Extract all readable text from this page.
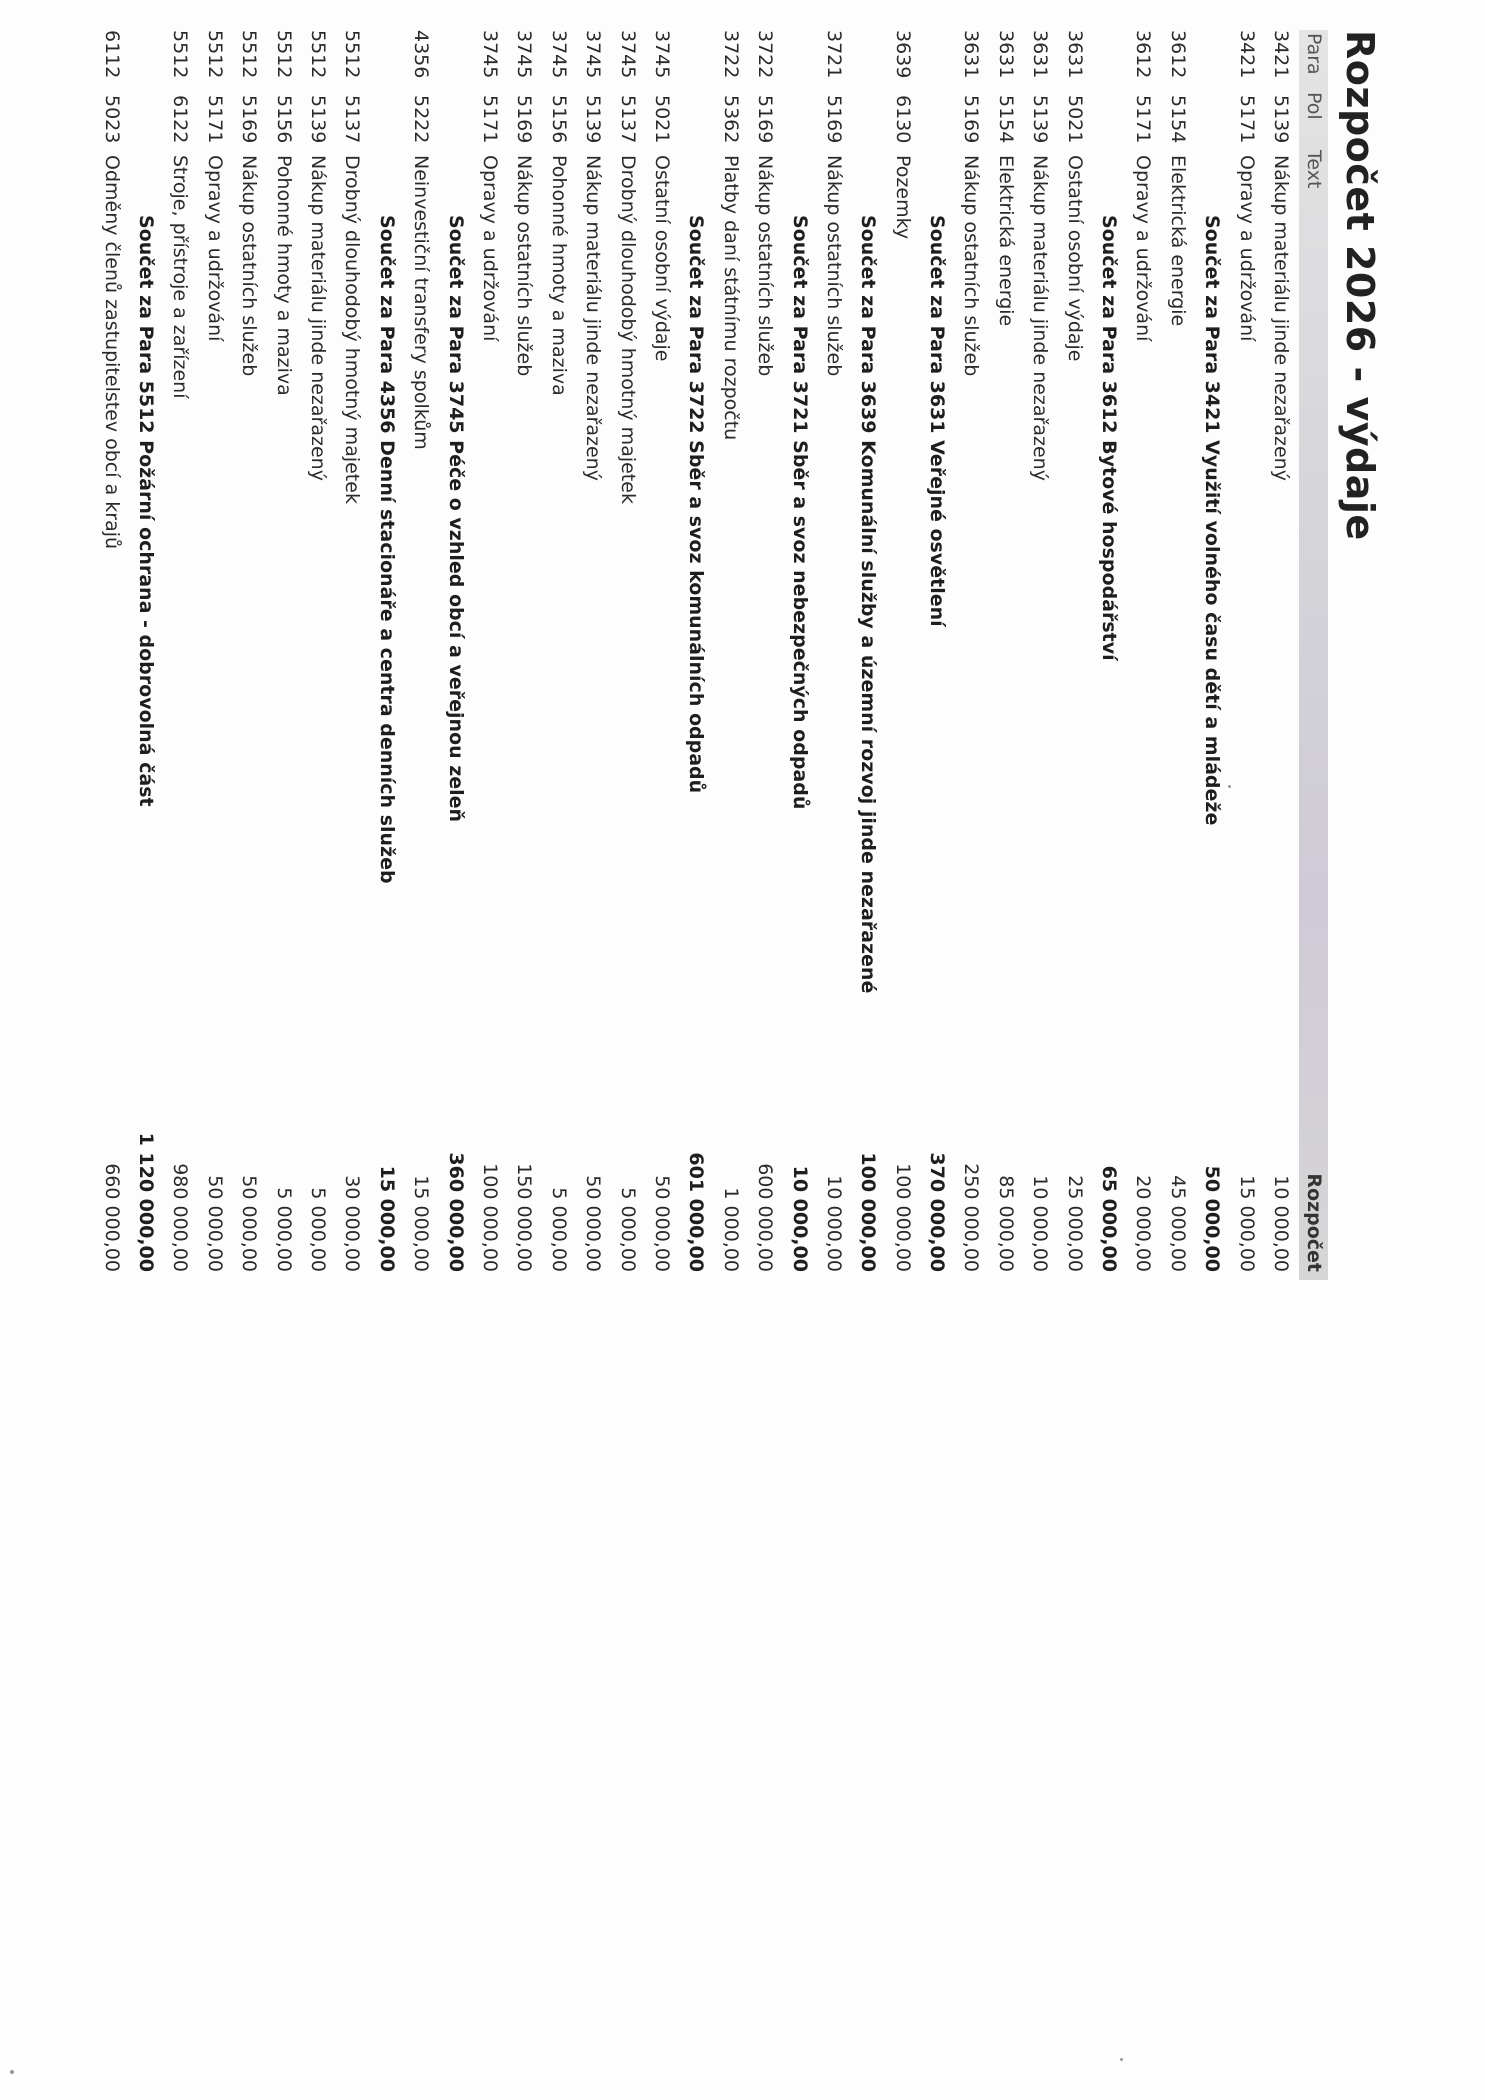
Rozpočet 2026 - výdaje
Para
Pol
Text
Rozpočet
3421
5139
Nákup materiálu jinde nezařazený
10 000,00
3421
5171
Opravy a udržování
15 000,00
Součet za Para 3421 Využití volného času dětí a mládeže
50 000,00
3612
5154
Elektrická energie
45 000,00
3612
5171
Opravy a udržování
20 000,00
Součet za Para 3612 Bytové hospodářství
65 000,00
3631
5021
Ostatní osobní výdaje
25 000,00
3631
5139
Nákup materiálu jinde nezařazený
10 000,00
3631
5154
Elektrická energie
85 000,00
3631
5169
Nákup ostatních služeb
250 000,00
Součet za Para 3631 Veřejné osvětlení
370 000,00
3639
6130
Pozemky
100 000,00
Součet za Para 3639 Komunální služby a územní rozvoj jinde nezařazené
100 000,00
3721
5169
Nákup ostatních služeb
10 000,00
Součet za Para 3721 Sběr a svoz nebezpečných odpadů
10 000,00
3722
5169
Nákup ostatních služeb
600 000,00
3722
5362
Platby daní státnímu rozpočtu
1 000,00
Součet za Para 3722 Sběr a svoz komunálních odpadů
601 000,00
3745
5021
Ostatní osobní výdaje
50 000,00
3745
5137
Drobný dlouhodobý hmotný majetek
5 000,00
3745
5139
Nákup materiálu jinde nezařazený
50 000,00
3745
5156
Pohonné hmoty a maziva
5 000,00
3745
5169
Nákup ostatních služeb
150 000,00
3745
5171
Opravy a udržování
100 000,00
Součet za Para 3745 Péče o vzhled obcí a veřejnou zeleň
360 000,00
4356
5222
Neinvestiční transfery spolkům
15 000,00
Součet za Para 4356 Denní stacionáře a centra denních služeb
15 000,00
5512
5137
Drobný dlouhodobý hmotný majetek
30 000,00
5512
5139
Nákup materiálu jinde nezařazený
5 000,00
5512
5156
Pohonné hmoty a maziva
5 000,00
5512
5169
Nákup ostatních služeb
50 000,00
5512
5171
Opravy a udržování
50 000,00
5512
6122
Stroje, přístroje a zařízení
980 000,00
Součet za Para 5512 Požární ochrana - dobrovolná část
1 120 000,00
6112
5023
Odměny členů zastupitelstev obcí a krajů
660 000,00
